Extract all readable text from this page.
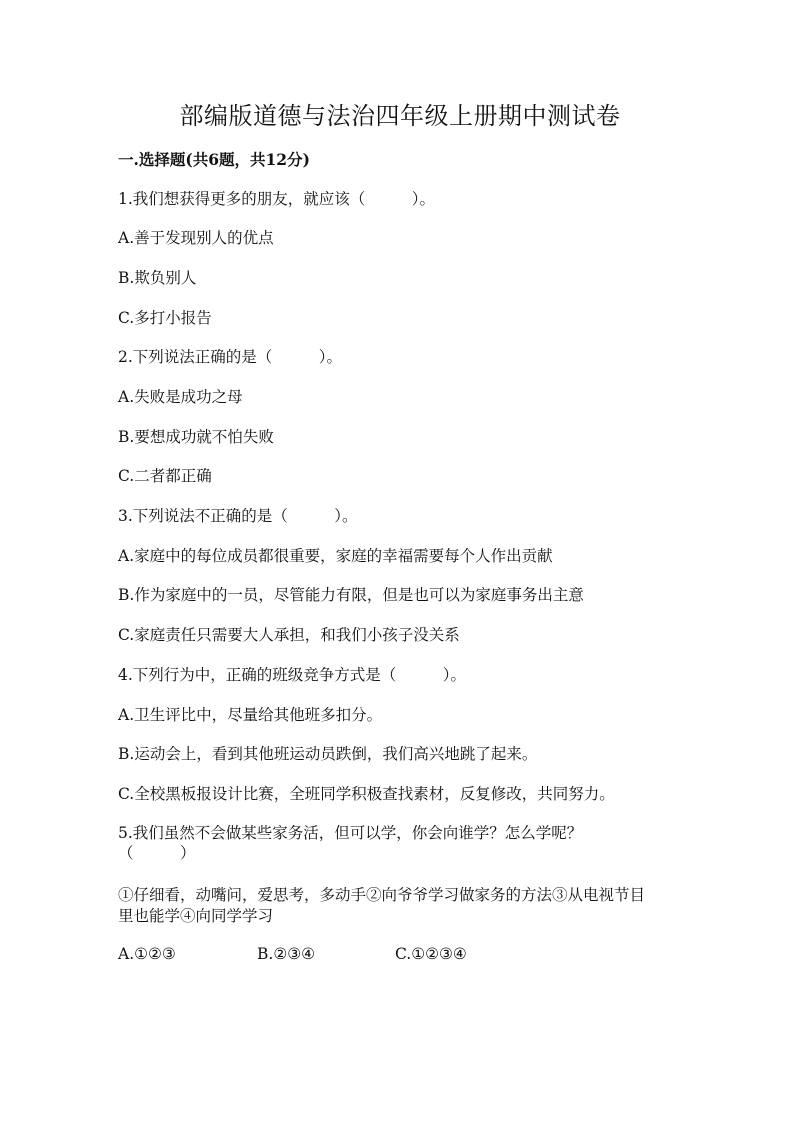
部编版道德与法治四年级上册期中测试卷
一.选择题(共6题，共12分)
1.我们想获得更多的朋友，就应该（　　　）。
A.善于发现别人的优点
B.欺负别人
C.多打小报告
2.下列说法正确的是（　　　）。
A.失败是成功之母
B.要想成功就不怕失败
C.二者都正确
3.下列说法不正确的是（　　　）。
A.家庭中的每位成员都很重要，家庭的幸福需要每个人作出贡献
B.作为家庭中的一员，尽管能力有限，但是也可以为家庭事务出主意
C.家庭责任只需要大人承担，和我们小孩子没关系
4.下列行为中，正确的班级竞争方式是（　　　）。
A.卫生评比中，尽量给其他班多扣分。
B.运动会上，看到其他班运动员跌倒，我们高兴地跳了起来。
C.全校黑板报设计比赛，全班同学积极查找素材，反复修改，共同努力。
5.我们虽然不会做某些家务活，但可以学，你会向谁学？怎么学呢？
（　　　）
①仔细看，动嘴问，爱思考，多动手②向爷爷学习做家务的方法③从电视节目
里也能学④向同学学习
A.①②③	B.②③④	C.①②③④
